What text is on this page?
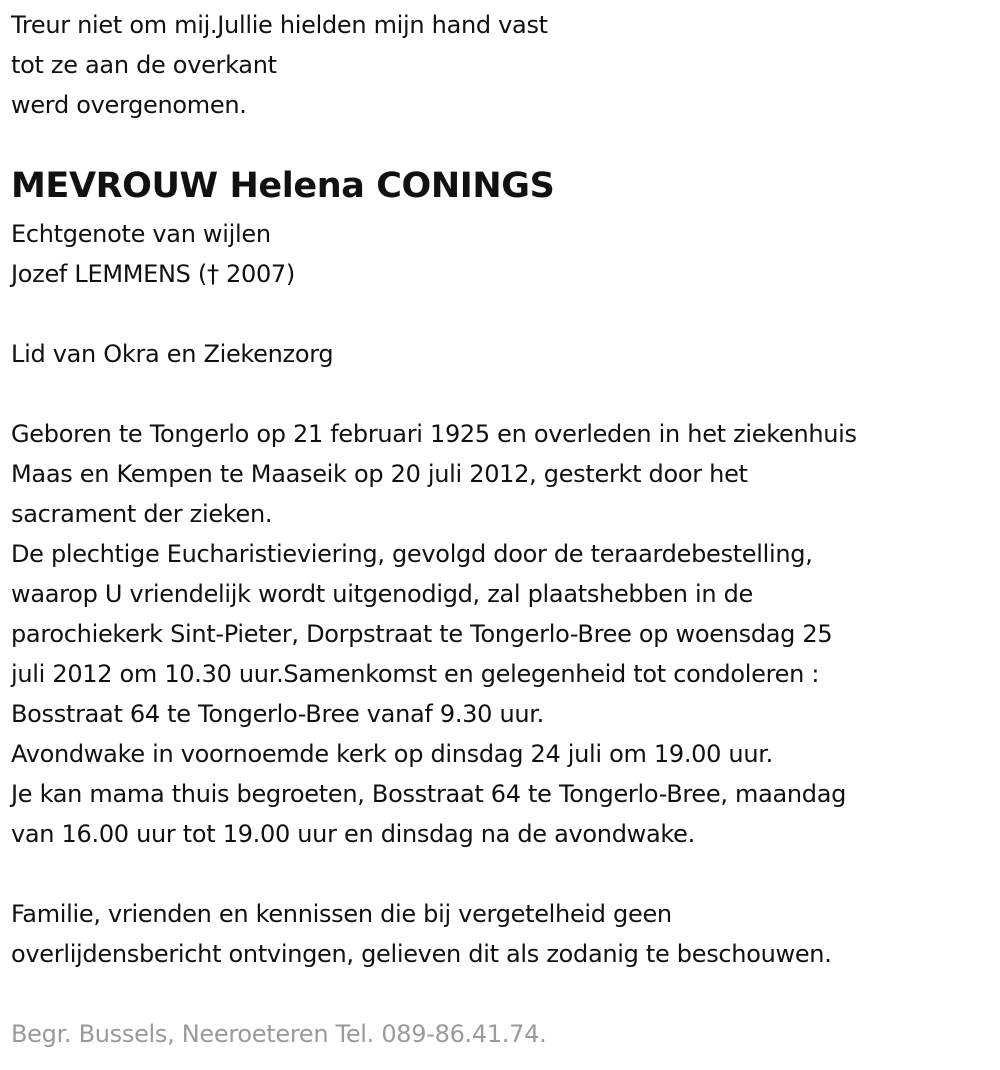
Treur niet om mij.Jullie hielden mijn hand vast
tot ze aan de overkant
werd overgenomen.
MEVROUW Helena CONINGS
Echtgenote van wijlen
Jozef LEMMENS († 2007)
Lid van Okra en Ziekenzorg
Geboren te Tongerlo op 21 februari 1925 en overleden in het ziekenhuis
Maas en Kempen te Maaseik op 20 juli 2012, gesterkt door het
sacrament der zieken.
De plechtige Eucharistieviering, gevolgd door de teraardebestelling,
waarop U vriendelijk wordt uitgenodigd, zal plaatshebben in de
parochiekerk Sint-Pieter, Dorpstraat te Tongerlo-Bree op woensdag 25
juli 2012 om 10.30 uur.Samenkomst en gelegenheid tot condoleren :
Bosstraat 64 te Tongerlo-Bree vanaf 9.30 uur.
Avondwake in voornoemde kerk op dinsdag 24 juli om 19.00 uur.
Je kan mama thuis begroeten, Bosstraat 64 te Tongerlo-Bree, maandag
van 16.00 uur tot 19.00 uur en dinsdag na de avondwake.
Familie, vrienden en kennissen die bij vergetelheid geen
overlijdensbericht ontvingen, gelieven dit als zodanig te beschouwen.
Begr. Bussels, Neeroeteren Tel. 089-86.41.74.
